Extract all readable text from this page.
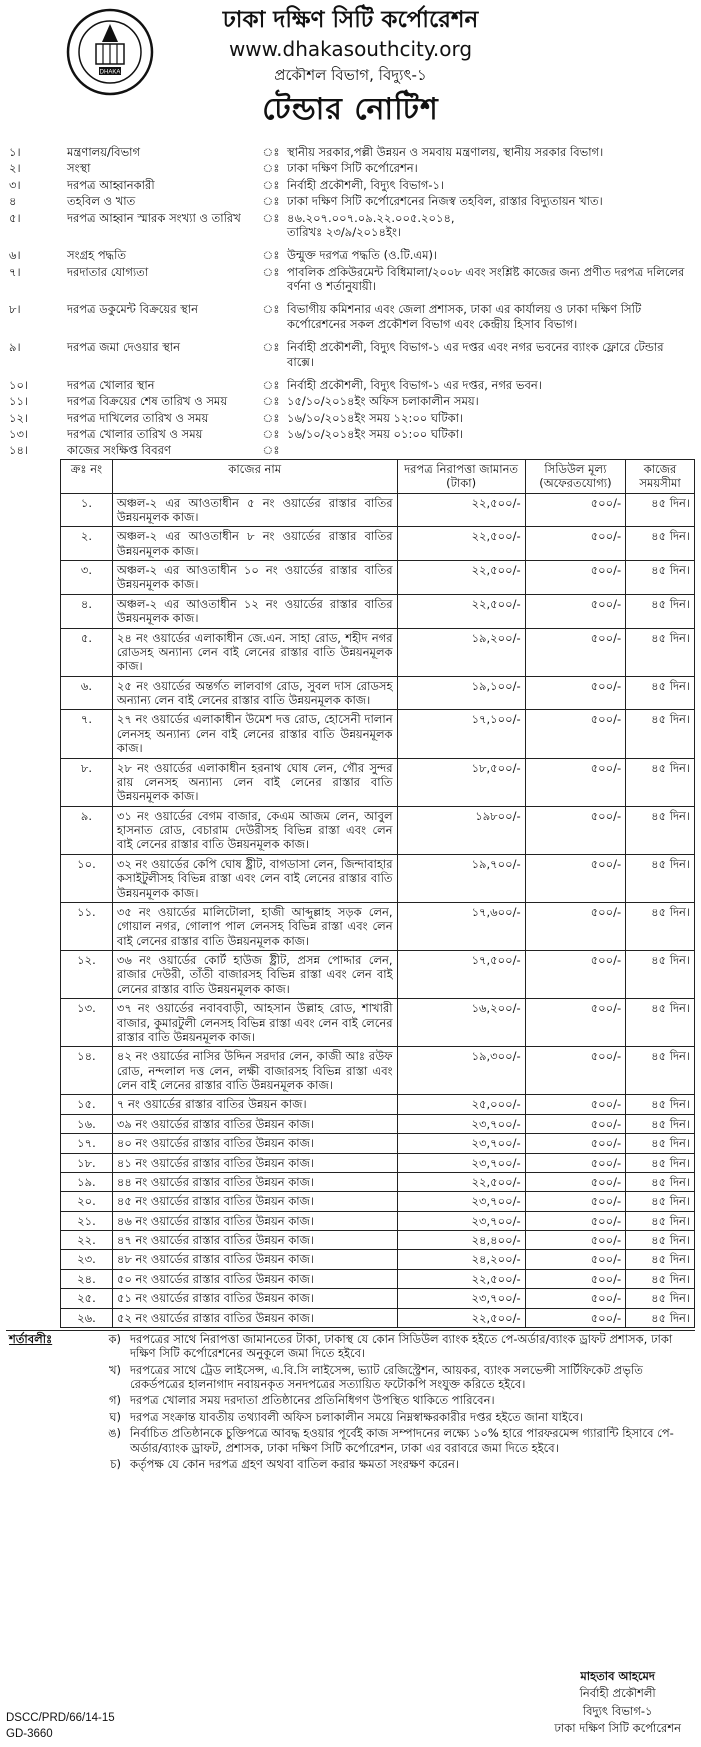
DHAKA
ঢাকা দক্ষিণ সিটি কর্পোরেশন
www.dhakasouthcity.org
প্রকৌশল বিভাগ, বিদ্যুৎ-১
টেন্ডার নোটিশ
১।	মন্ত্রণালয়/বিভাগ	ঃ	স্থানীয় সরকার,পল্লী উন্নয়ন ও সমবায় মন্ত্রণালয়, স্থানীয় সরকার বিভাগ।
২।	সংস্থা	ঃ	ঢাকা দক্ষিণ সিটি কর্পোরেশন।
৩।	দরপত্র আহ্বানকারী	ঃ	নির্বাহী প্রকৌশলী, বিদ্যুৎ বিভাগ-১।
৪	তহবিল ও খাত	ঃ	ঢাকা দক্ষিণ সিটি কর্পোরেশনের নিজস্ব তহবিল, রাস্তার বিদ্যুতায়ন খাত।
৫।	দরপত্র আহ্বান স্মারক সংখ্যা ও তারিখ	ঃ	৪৬.২০৭.০০৭.০৯.২২.০০৫.২০১৪,
তারিখঃ ২৩/৯/২০১৪ইং।

৬।	সংগ্রহ পদ্ধতি	ঃ	উন্মুক্ত দরপত্র পদ্ধতি (ও.টি.এম)।
৭।	দরদাতার যোগ্যতা	ঃ	পাবলিক প্রকিউরমেন্ট বিধিমালা/২০০৮ এবং সংশ্লিষ্ট কাজের জন্য প্রণীত দরপত্র দলিলের বর্ণনা ও শর্তানুযায়ী।
৮।	দরপত্র ডকুমেন্ট বিক্রয়ের স্থান	ঃ	বিভাগীয় কমিশনার এবং জেলা প্রশাসক, ঢাকা এর কার্যালয় ও ঢাকা দক্ষিণ সিটি কর্পোরেশনের সকল প্রকৌশল বিভাগ এবং কেন্দ্রীয় হিসাব বিভাগ।
৯।	দরপত্র জমা দেওয়ার স্থান	ঃ	নির্বাহী প্রকৌশলী, বিদ্যুৎ বিভাগ-১ এর দপ্তর এবং নগর ভবনের ব্যাংক ফ্লোরে টেন্ডার বাক্সে।
১০।	দরপত্র খোলার স্থান	ঃ	নির্বাহী প্রকৌশলী, বিদ্যুৎ বিভাগ-১ এর দপ্তর, নগর ভবন।
১১।	দরপত্র বিক্রয়ের শেষ তারিখ ও সময়	ঃ	১৫/১০/২০১৪ইং অফিস চলাকালীন সময়।
১২।	দরপত্র দাখিলের তারিখ ও সময়	ঃ	১৬/১০/২০১৪ইং সময় ১২:০০ ঘটিকা।
১৩।	দরপত্র খোলার তারিখ ও সময়	ঃ	১৬/১০/২০১৪ইং সময় ০১:০০ ঘটিকা।
১৪।	কাজের সংক্ষিপ্ত বিবরণ	ঃ	
ক্রঃ নং	কাজের নাম	দরপত্র নিরাপত্তা জামানত (টাকা)	সিডিউল মূল্য (অফেরতযোগ্য)	কাজের সময়সীমা
১.	অঞ্চল-২ এর আওতাধীন ৫ নং ওয়ার্ডের রাস্তার বাতির উন্নয়নমূলক কাজ।	২২,৫০০/-	৫০০/-	৪৫ দিন।
২.	অঞ্চল-২ এর আওতাধীন ৮ নং ওয়ার্ডের রাস্তার বাতির উন্নয়নমূলক কাজ।	২২,৫০০/-	৫০০/-	৪৫ দিন।
৩.	অঞ্চল-২ এর আওতাধীন ১০ নং ওয়ার্ডের রাস্তার বাতির উন্নয়নমূলক কাজ।	২২,৫০০/-	৫০০/-	৪৫ দিন।
৪.	অঞ্চল-২ এর আওতাধীন ১২ নং ওয়ার্ডের রাস্তার বাতির উন্নয়নমূলক কাজ।	২২,৫০০/-	৫০০/-	৪৫ দিন।
৫.	২৪ নং ওয়ার্ডের এলাকাধীন জে.এন. সাহা রোড, শহীদ নগর রোডসহ অন্যান্য লেন বাই লেনের রাস্তার বাতি উন্নয়নমূলক কাজ।	১৯,২০০/-	৫০০/-	৪৫ দিন।
৬.	২৫ নং ওয়ার্ডের অন্তর্গত লালবাগ রোড, সুবল দাস রোডসহ অন্যান্য লেন বাই লেনের রাস্তার বাতি উন্নয়নমূলক কাজ।	১৯,১০০/-	৫০০/-	৪৫ দিন।
৭.	২৭ নং ওয়ার্ডের এলাকাধীন উমেশ দত্ত রোড, হোসেনী দালান লেনসহ অন্যান্য লেন বাই লেনের রাস্তার বাতি উন্নয়নমূলক কাজ।	১৭,১০০/-	৫০০/-	৪৫ দিন।
৮.	২৮ নং ওয়ার্ডের এলাকাধীন হরনাথ ঘোষ লেন, গৌর সুন্দর রায় লেনসহ অন্যান্য লেন বাই লেনের রাস্তার বাতি উন্নয়নমূলক কাজ।	১৮,৫০০/-	৫০০/-	৪৫ দিন।
৯.	৩১ নং ওয়ার্ডের বেগম বাজার, কেএম আজম লেন, আবুল হাসনাত রোড, বেচারাম দেউরীসহ বিভিন্ন রাস্তা এবং লেন বাই লেনের রাস্তার বাতি উন্নয়নমূলক কাজ।	১৯৮০০/-	৫০০/-	৪৫ দিন।
১০.	৩২ নং ওয়ার্ডের কেপি ঘোষ ষ্ট্রীট, বাগডাসা লেন, জিন্দাবাহার কসাইটুলীসহ বিভিন্ন রাস্তা এবং লেন বাই লেনের রাস্তার বাতি উন্নয়নমূলক কাজ।	১৯,৭০০/-	৫০০/-	৪৫ দিন।
১১.	৩৫ নং ওয়ার্ডের মালিটোলা, হাজী আব্দুল্লাহ সড়ক লেন, গোয়াল নগর, গোলাপ পাল লেনসহ বিভিন্ন রাস্তা এবং লেন বাই লেনের রাস্তার বাতি উন্নয়নমূলক কাজ।	১৭,৬০০/-	৫০০/-	৪৫ দিন।
১২.	৩৬ নং ওয়ার্ডের কোর্ট হাউজ ষ্ট্রীট, প্রসন্ন পোদ্দার লেন, রাজার দেউরী, তাঁতী বাজারসহ বিভিন্ন রাস্তা এবং লেন বাই লেনের রাস্তার বাতি উন্নয়নমূলক কাজ।	১৭,৫০০/-	৫০০/-	৪৫ দিন।
১৩.	৩৭ নং ওয়ার্ডের নবাববাড়ী, আহসান উল্লাহ রোড, শাখারী বাজার, কুমারটুলী লেনসহ বিভিন্ন রাস্তা এবং লেন বাই লেনের রাস্তার বাতি উন্নয়নমূলক কাজ।	১৬,২০০/-	৫০০/-	৪৫ দিন।
১৪.	৪২ নং ওয়ার্ডের নাসির উদ্দিন সরদার লেন, কাজী আঃ রউফ রোড, নন্দলাল দত্ত লেন, লক্ষী বাজারসহ বিভিন্ন রাস্তা এবং লেন বাই লেনের রাস্তার বাতি উন্নয়নমূলক কাজ।	১৯,৩০০/-	৫০০/-	৪৫ দিন।
১৫.	৭ নং ওয়ার্ডের রাস্তার বাতির উন্নয়ন কাজ।	২৫,০০০/-	৫০০/-	৪৫ দিন।
১৬.	৩৯ নং ওয়ার্ডের রাস্তার বাতির উন্নয়ন কাজ।	২৩,৭০০/-	৫০০/-	৪৫ দিন।
১৭.	৪০ নং ওয়ার্ডের রাস্তার বাতির উন্নয়ন কাজ।	২৩,৭০০/-	৫০০/-	৪৫ দিন।
১৮.	৪১ নং ওয়ার্ডের রাস্তার বাতির উন্নয়ন কাজ।	২৩,৭০০/-	৫০০/-	৪৫ দিন।
১৯.	৪৪ নং ওয়ার্ডের রাস্তার বাতির উন্নয়ন কাজ।	২২,৫০০/-	৫০০/-	৪৫ দিন।
২০.	৪৫ নং ওয়ার্ডের রাস্তার বাতির উন্নয়ন কাজ।	২৩,৭০০/-	৫০০/-	৪৫ দিন।
২১.	৪৬ নং ওয়ার্ডের রাস্তার বাতির উন্নয়ন কাজ।	২৩,৭০০/-	৫০০/-	৪৫ দিন।
২২.	৪৭ নং ওয়ার্ডের রাস্তার বাতির উন্নয়ন কাজ।	২৪,৪০০/-	৫০০/-	৪৫ দিন।
২৩.	৪৮ নং ওয়ার্ডের রাস্তার বাতির উন্নয়ন কাজ।	২৪,২০০/-	৫০০/-	৪৫ দিন।
২৪.	৫০ নং ওয়ার্ডের রাস্তার বাতির উন্নয়ন কাজ।	২২,৫০০/-	৫০০/-	৪৫ দিন।
২৫.	৫১ নং ওয়ার্ডের রাস্তার বাতির উন্নয়ন কাজ।	২৩,৭০০/-	৫০০/-	৪৫ দিন।
২৬.	৫২ নং ওয়ার্ডের রাস্তার বাতির উন্নয়ন কাজ।	২২,৫০০/-	৫০০/-	৪৫ দিন।
শর্তাবলীঃ	ক)	দরপত্রের সাথে নিরাপত্তা জামানতের টাকা, ঢাকাস্থ যে কোন সিডিউল ব্যাংক হইতে পে-অর্ডার/ব্যাংক ড্রাফট প্রশাসক, ঢাকা দক্ষিণ সিটি কর্পোরেশনের অনুকূলে জমা দিতে হইবে।
	খ)	দরপত্রের সাথে ট্রেড লাইসেন্স, এ.বি.সি লাইসেন্স, ভ্যাট রেজিস্ট্রেশন, আয়কর, ব্যাংক সলভেন্সী সার্টিফিকেট প্রভৃতি রেকর্ডপত্রের হালনাগাদ নবায়নকৃত সনদপত্রের সত্যায়িত ফটোকপি সংযুক্ত করিতে হইবে।
	গ)	দরপত্র খোলার সময় দরদাতা প্রতিষ্ঠানের প্রতিনিধিগণ উপস্থিত থাকিতে পারিবেন।
	ঘ)	দরপত্র সংক্রান্ত যাবতীয় তথ্যাবলী অফিস চলাকালীন সময়ে নিম্নস্বাক্ষরকারীর দপ্তর হইতে জানা যাইবে।
	ঙ)	নির্বাচিত প্রতিষ্ঠানকে চুক্তিপত্রে আবদ্ধ হওয়ার পূর্বেই কাজ সম্পাদনের লক্ষ্যে ১০% হারে পারফরমেন্স গ্যারান্টি হিসাবে পে-অর্ডার/ব্যাংক ড্রাফট, প্রশাসক, ঢাকা দক্ষিণ সিটি কর্পোরেশন, ঢাকা এর বরাবরে জমা দিতে হইবে।
	চ)	কর্তৃপক্ষ যে কোন দরপত্র গ্রহণ অথবা বাতিল করার ক্ষমতা সংরক্ষণ করেন।
মাহতাব আহমেদ
নির্বাহী প্রকৌশলী
বিদ্যুৎ বিভাগ-১
ঢাকা দক্ষিণ সিটি কর্পোরেশন
DSCC/PRD/66/14-15
GD-3660
